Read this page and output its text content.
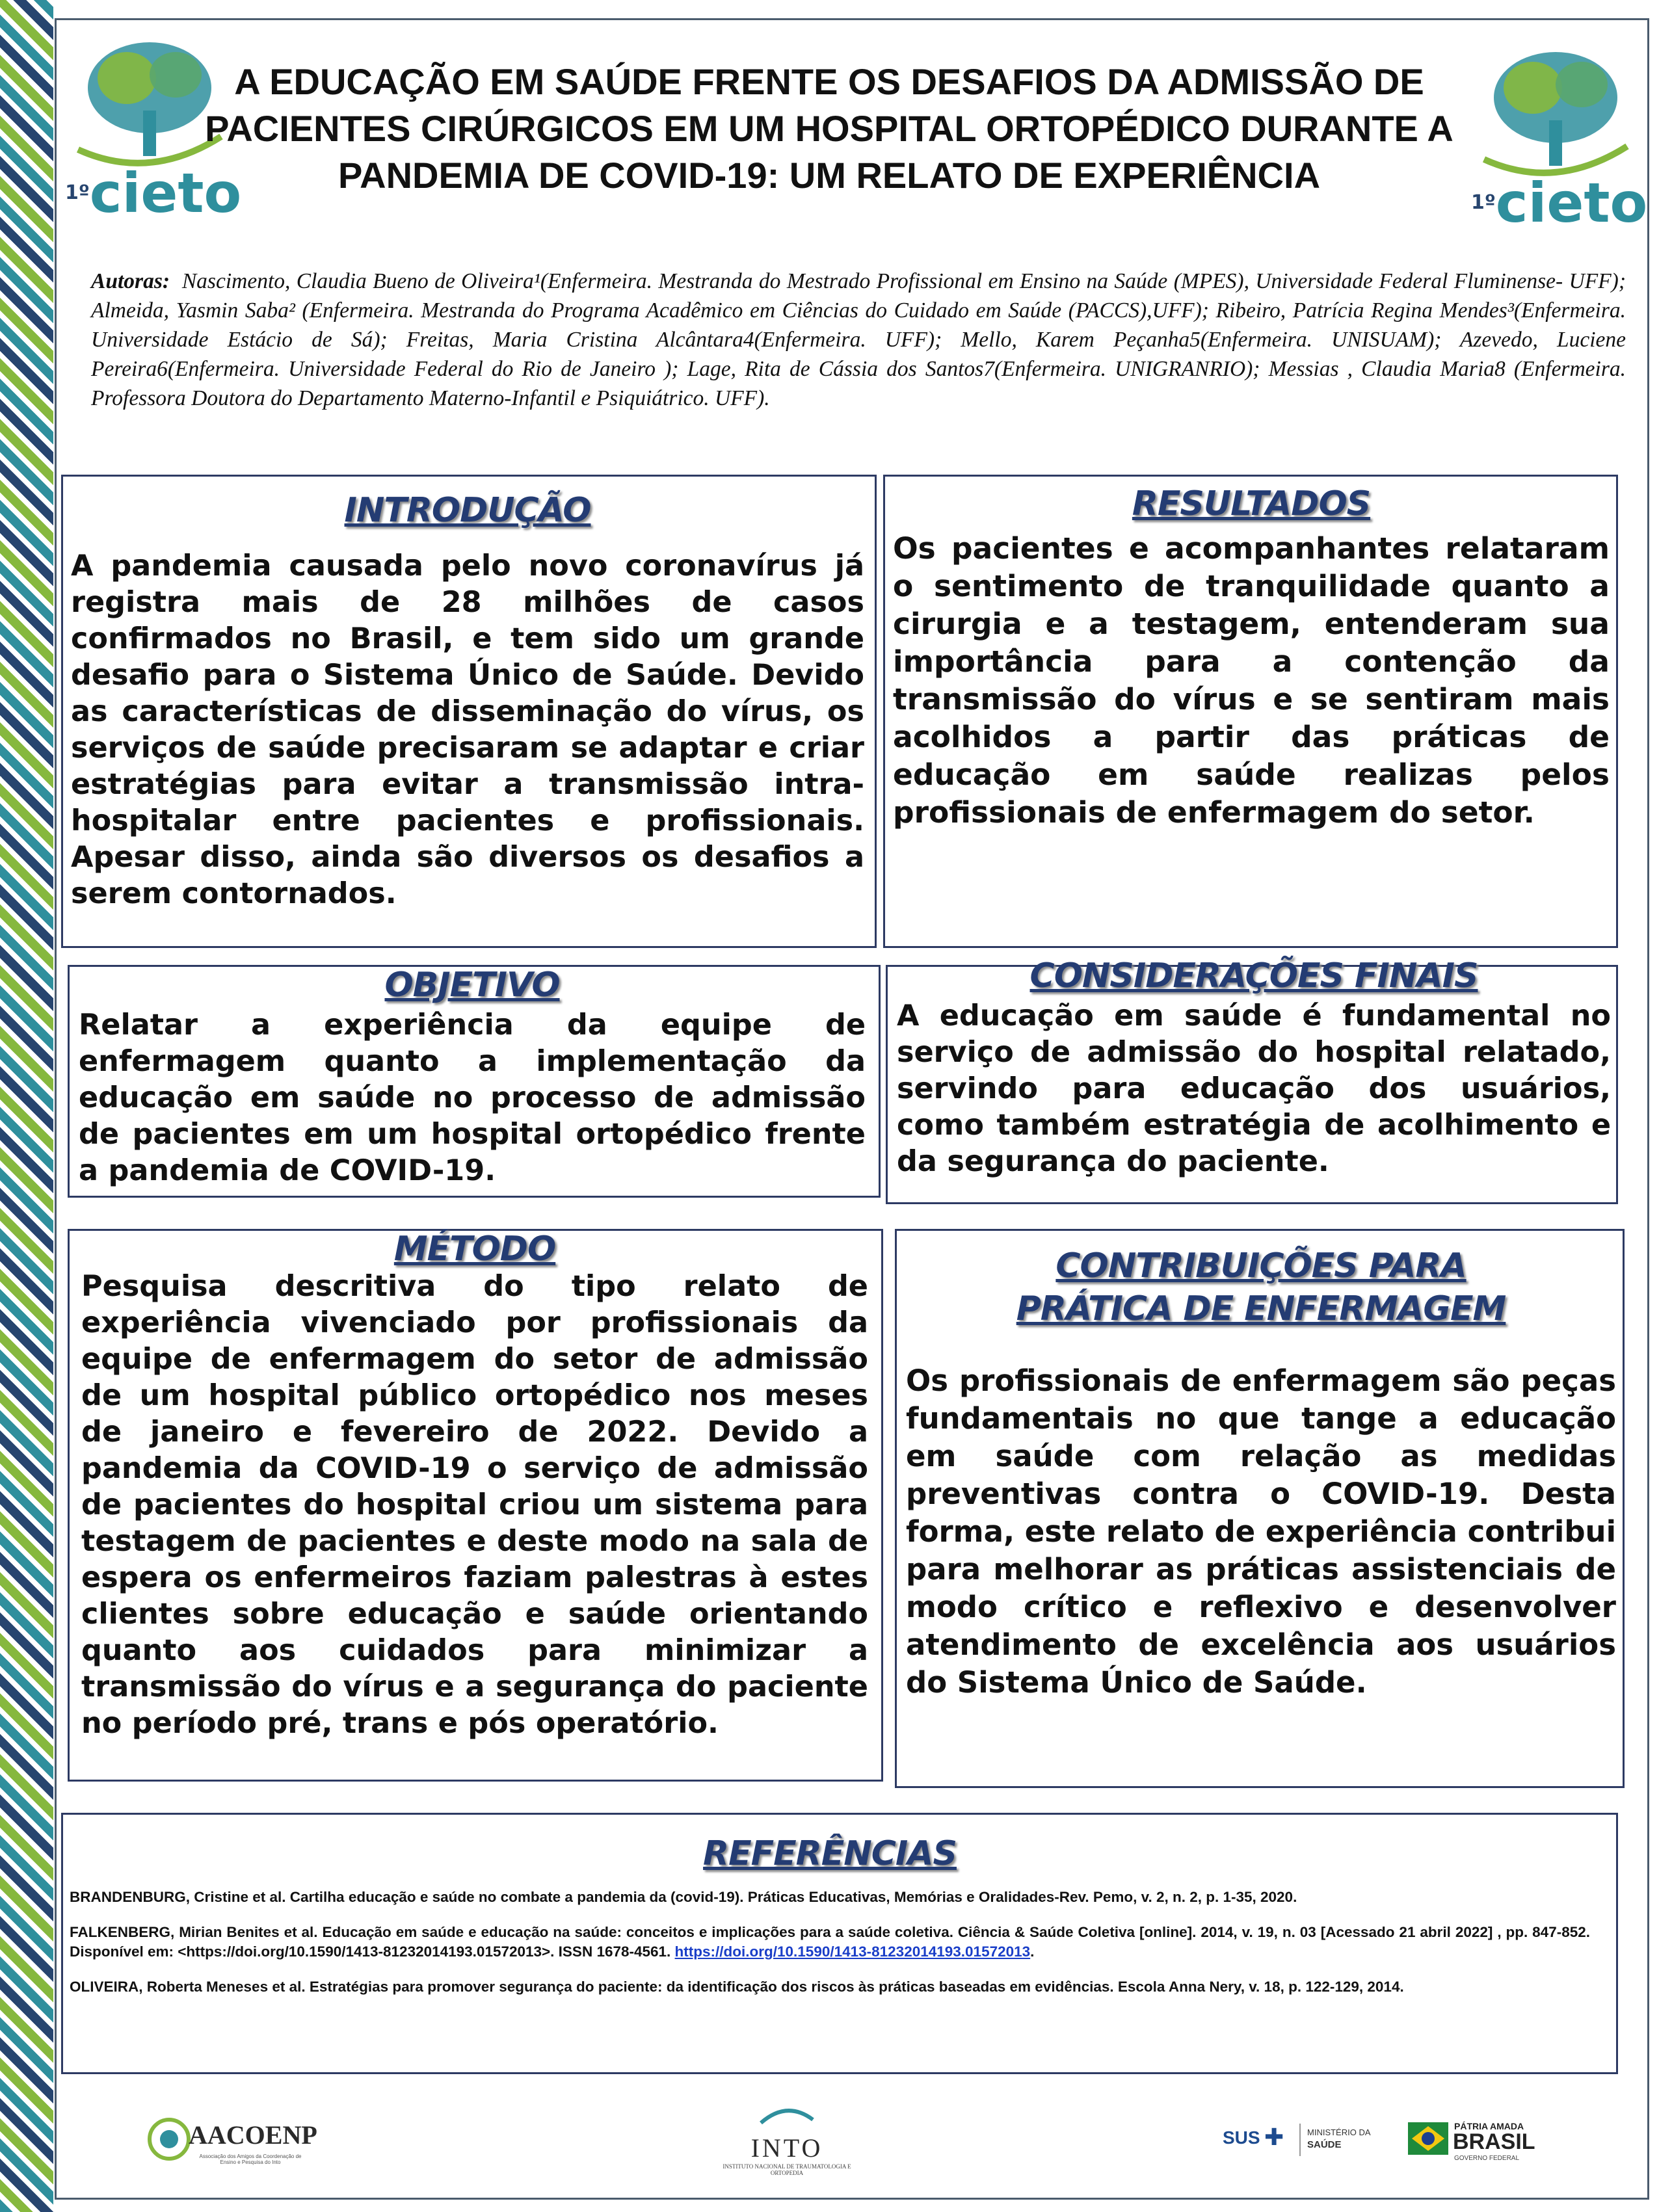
$^{1º}$cieto	$^{1º}$cieto
A EDUCAÇÃO EM SAÚDE FRENTE OS DESAFIOS DA ADMISSÃO DE PACIENTES CIRÚRGICOS EM UM HOSPITAL ORTOPÉDICO DURANTE A PANDEMIA DE COVID-19: UM RELATO DE EXPERIÊNCIA
Autoras: Nascimento, Claudia Bueno de Oliveira¹(Enfermeira. Mestranda do Mestrado Profissional em Ensino na Saúde (MPES), Universidade Federal Fluminense- UFF); Almeida, Yasmin Saba² (Enfermeira. Mestranda do Programa Acadêmico em Ciências do Cuidado em Saúde (PACCS),UFF); Ribeiro, Patrícia Regina Mendes³(Enfermeira. Universidade Estácio de Sá); Freitas, Maria Cristina Alcântara4(Enfermeira. UFF); Mello, Karem Peçanha5(Enfermeira. UNISUAM); Azevedo, Luciene Pereira6(Enfermeira. Universidade Federal do Rio de Janeiro ); Lage, Rita de Cássia dos Santos7(Enfermeira. UNIGRANRIO); Messias , Claudia Maria8 (Enfermeira. Professora Doutora do Departamento Materno-Infantil e Psiquiátrico. UFF).
INTRODUÇÃO

A pandemia causada pelo novo coronavírus já registra mais de 28 milhões de casos confirmados no Brasil, e tem sido um grande desafio para o Sistema Único de Saúde. Devido as características de disseminação do vírus, os serviços de saúde precisaram se adaptar e criar estratégias para evitar a transmissão intra-hospitalar entre pacientes e profissionais. Apesar disso, ainda são diversos os desafios a serem contornados.

RESULTADOS

Os pacientes e acompanhantes relataram o sentimento de tranquilidade quanto a cirurgia e a testagem, entenderam sua importância para a contenção da transmissão do vírus e se sentiram mais acolhidos a partir das práticas de educação em saúde realizas pelos profissionais de enfermagem do setor.

OBJETIVO

Relatar a experiência da equipe de enfermagem quanto a implementação da educação em saúde no processo de admissão de pacientes em um hospital ortopédico frente a pandemia de COVID-19.

CONSIDERAÇÕES FINAIS

A educação em saúde é fundamental no serviço de admissão do hospital relatado, servindo para educação dos usuários, como também estratégia de acolhimento e da segurança do paciente.

MÉTODO

Pesquisa descritiva do tipo relato de experiência vivenciado por profissionais da equipe de enfermagem do setor de admissão de um hospital público ortopédico nos meses de janeiro e fevereiro de 2022. Devido a pandemia da COVID-19 o serviço de admissão de pacientes do hospital criou um sistema para testagem de pacientes e deste modo na sala de espera os enfermeiros faziam palestras à estes clientes sobre educação e saúde orientando quanto aos cuidados para minimizar a transmissão do vírus e a segurança do paciente no período pré, trans e pós operatório.

CONTRIBUIÇÕES PARA
PRÁTICA DE ENFERMAGEM

Os profissionais de enfermagem são peças fundamentais no que tange a educação em saúde com relação as medidas preventivas contra o COVID-19. Desta forma, este relato de experiência contribui para melhorar as práticas assistenciais de modo crítico e reflexivo e desenvolver atendimento de excelência aos usuários do Sistema Único de Saúde.

REFERÊNCIAS

BRANDENBURG, Cristine et al. Cartilha educação e saúde no combate a pandemia da (covid-19). Práticas Educativas, Memórias e Oralidades-Rev. Pemo, v. 2, n. 2, p. 1-35, 2020.

FALKENBERG, Mirian Benites et al. Educação em saúde e educação na saúde: conceitos e implicações para a saúde coletiva. Ciência & Saúde Coletiva [online]. 2014, v. 19, n. 03 [Acessado 21 abril 2022] , pp. 847-852. Disponível em: <https://doi.org/10.1590/1413-81232014193.01572013>. ISSN 1678-4561. https://doi.org/10.1590/1413-81232014193.01572013.

OLIVEIRA, Roberta Meneses et al. Estratégias para promover segurança do paciente: da identificação dos riscos às práticas baseadas em evidências. Escola Anna Nery, v. 18, p. 122-129, 2014.

AACOENP
Associação dos Amigos da Coordenação de Ensino e Pesquisa do Into	INTO
INSTITUTO NACIONAL DE TRAUMATOLOGIA E ORTOPEDIA
SUS ✚	MINISTÉRIO DA
SAÚDE
PÁTRIA AMADA
BRASIL
GOVERNO FEDERAL
